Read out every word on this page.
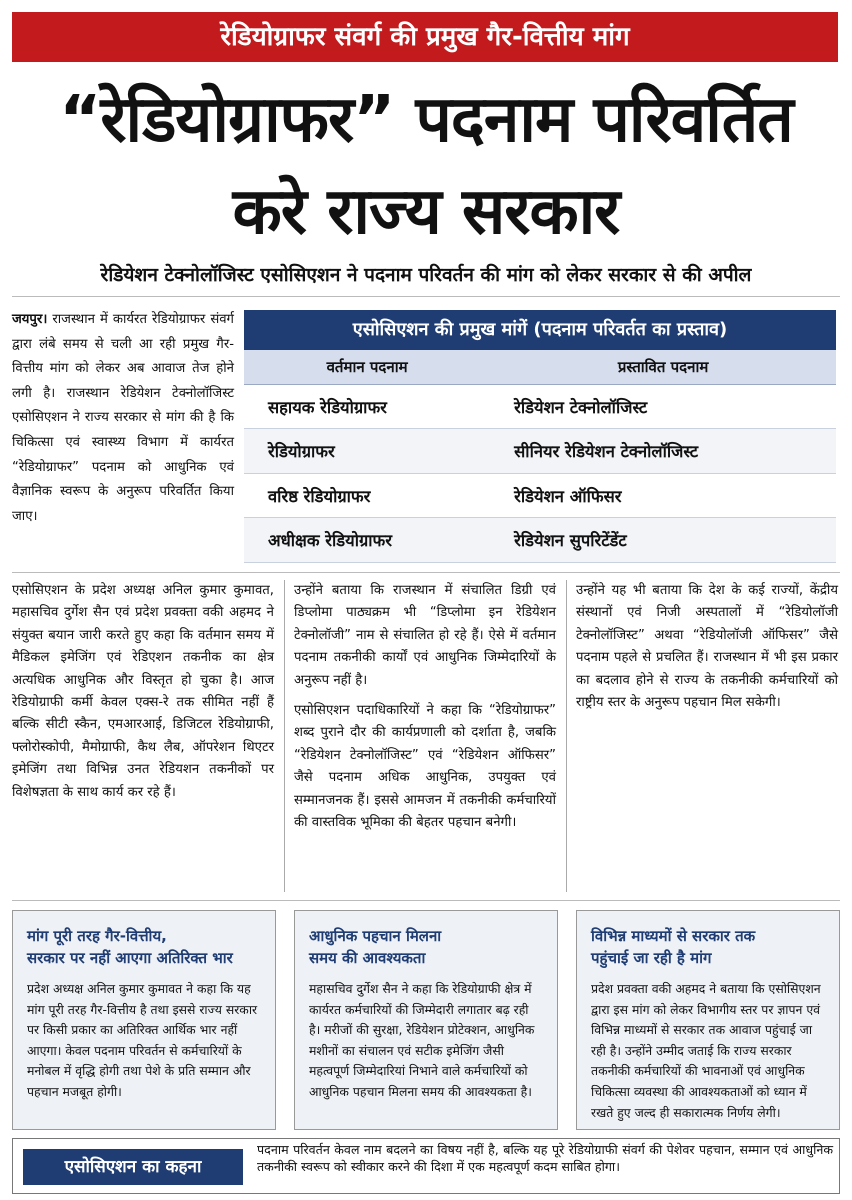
रेडियोग्राफर संवर्ग की प्रमुख गैर-वित्तीय मांग
“रेडियोग्राफर” पदनाम परिवर्तित
करे राज्य सरकार
रेडियेशन टेक्नोलॉजिस्ट एसोसिएशन ने पदनाम परिवर्तन की मांग को लेकर सरकार से की अपील
जयपुर। राजस्थान में कार्यरत रेडियोग्राफर संवर्ग द्वारा लंबे समय से चली आ रही प्रमुख गैर-वित्तीय मांग को लेकर अब आवाज तेज होने लगी है। राजस्थान रेडियेशन टेक्नोलॉजिस्ट एसोसिएशन ने राज्य सरकार से मांग की है कि चिकित्सा एवं स्वास्थ्य विभाग में कार्यरत “रेडियोग्राफर” पदनाम को आधुनिक एवं वैज्ञानिक स्वरूप के अनुरूप परिवर्तित किया जाए।
एसोसिएशन की प्रमुख मांगें (पदनाम परिवर्तत का प्रस्ताव)
वर्तमान पदनाम	प्रस्तावित पदनाम
सहायक रेडियोग्राफर	रेडियेशन टेक्नोलॉजिस्ट
रेडियोग्राफर	सीनियर रेडियेशन टेक्नोलॉजिस्ट
वरिष्ठ रेडियोग्राफर	रेडियेशन ऑफिसर
अधीक्षक रेडियोग्राफर	रेडियेशन सुपरिटेंडेंट

एसोसिएशन के प्रदेश अध्यक्ष अनिल कुमार कुमावत, महासचिव दुर्गेश सैन एवं प्रदेश प्रवक्ता वकी अहमद ने संयुक्त बयान जारी करते हुए कहा कि वर्तमान समय में मैडिकल इमेजिंग एवं रेडिएशन तकनीक का क्षेत्र अत्यधिक आधुनिक और विस्तृत हो चुका है। आज रेडियोग्राफी कर्मी केवल एक्स-रे तक सीमित नहीं हैं बल्कि सीटी स्कैन, एमआरआई, डिजिटल रेडियोग्राफी, फ्लोरोस्कोपी, मैमोग्राफी, कैथ लैब, ऑपरेशन थिएटर इमेजिंग तथा विभिन्न उनत रेडियशन तकनीकों पर विशेषज्ञता के साथ कार्य कर रहे हैं।

उन्होंने बताया कि राजस्थान में संचालित डिग्री एवं डिप्लोमा पाठ्यक्रम भी “डिप्लोमा इन रेडियेशन टेक्नोलॉजी” नाम से संचालित हो रहे हैं। ऐसे में वर्तमान पदनाम तकनीकी कार्यों एवं आधुनिक जिम्मेदारियों के अनुरूप नहीं है।

एसोसिएशन पदाधिकारियों ने कहा कि “रेडियोग्राफर” शब्द पुराने दौर की कार्यप्रणाली को दर्शाता है, जबकि “रेडियेशन टेक्नोलॉजिस्ट” एवं “रेडियेशन ऑफिसर” जैसे पदनाम अधिक आधुनिक, उपयुक्त एवं सम्मानजनक हैं। इससे आमजन में तकनीकी कर्मचारियों की वास्तविक भूमिका की बेहतर पहचान बनेगी।

उन्होंने यह भी बताया कि देश के कई राज्यों, केंद्रीय संस्थानों एवं निजी अस्पतालों में “रेडियोलॉजी टेक्नोलॉजिस्ट” अथवा “रेडियोलॉजी ऑफिसर” जैसे पदनाम पहले से प्रचलित हैं। राजस्थान में भी इस प्रकार का बदलाव होने से राज्य के तकनीकी कर्मचारियों को राष्ट्रीय स्तर के अनुरूप पहचान मिल सकेगी।

मांग पूरी तरह गैर-वित्तीय,
सरकार पर नहीं आएगा अतिरिक्त भार
प्रदेश अध्यक्ष अनिल कुमार कुमावत ने कहा कि यह मांग पूरी तरह गैर-वित्तीय है तथा इससे राज्य सरकार पर किसी प्रकार का अतिरिक्त आर्थिक भार नहीं आएगा। केवल पदनाम परिवर्तन से कर्मचारियों के मनोबल में वृद्धि होगी तथा पेशे के प्रति सम्मान और पहचान मजबूत होगी।
आधुनिक पहचान मिलना
समय की आवश्यकता
महासचिव दुर्गेश सैन ने कहा कि रेडियोग्राफी क्षेत्र में कार्यरत कर्मचारियों की जिम्मेदारी लगातार बढ़ रही है। मरीजों की सुरक्षा, रेडियेशन प्रोटेक्शन, आधुनिक मशीनों का संचालन एवं सटीक इमेजिंग जैसी महत्वपूर्ण जिम्मेदारियां निभाने वाले कर्मचारियों को आधुनिक पहचान मिलना समय की आवश्यकता है।
विभिन्न माध्यमों से सरकार तक
पहुंचाई जा रही है मांग
प्रदेश प्रवक्ता वकी अहमद ने बताया कि एसोसिएशन द्वारा इस मांग को लेकर विभागीय स्तर पर ज्ञापन एवं विभिन्न माध्यमों से सरकार तक आवाज पहुंचाई जा रही है। उन्होंने उम्मीद जताई कि राज्य सरकार तकनीकी कर्मचारियों की भावनाओं एवं आधुनिक चिकित्सा व्यवस्था की आवश्यकताओं को ध्यान में रखते हुए जल्द ही सकारात्मक निर्णय लेगी।
एसोसिएशन का कहना
पदनाम परिवर्तन केवल नाम बदलने का विषय नहीं है, बल्कि यह पूरे रेडियोग्राफी संवर्ग की पेशेवर पहचान, सम्मान एवं आधुनिक तकनीकी स्वरूप को स्वीकार करने की दिशा में एक महत्वपूर्ण कदम साबित होगा।
